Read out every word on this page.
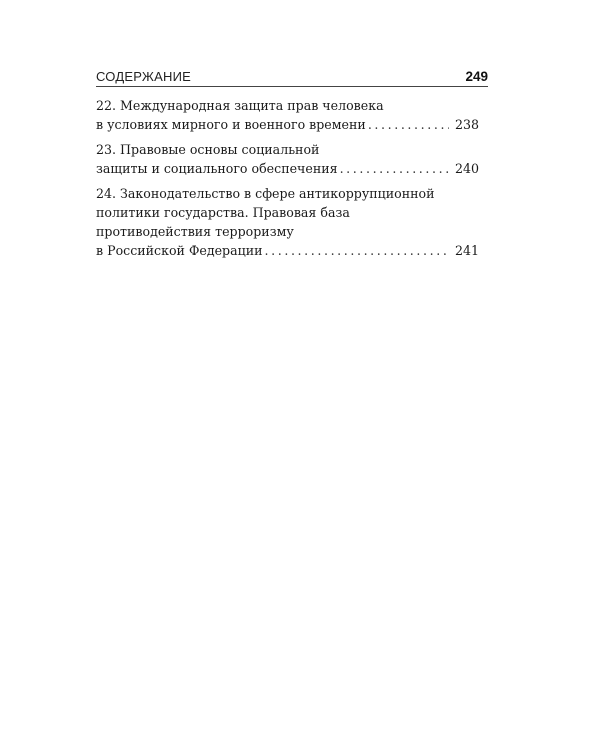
СОДЕРЖАНИЕ	249
22. Международная защита прав человека
в условиях мирного и военного времени .....	238
23. Правовые основы социальной
защиты и социального обеспечения .....	240
24. Законодательство в сфере антикоррупционной
политики государства. Правовая база
противодействия терроризму
в Российской Федерации .....	241
